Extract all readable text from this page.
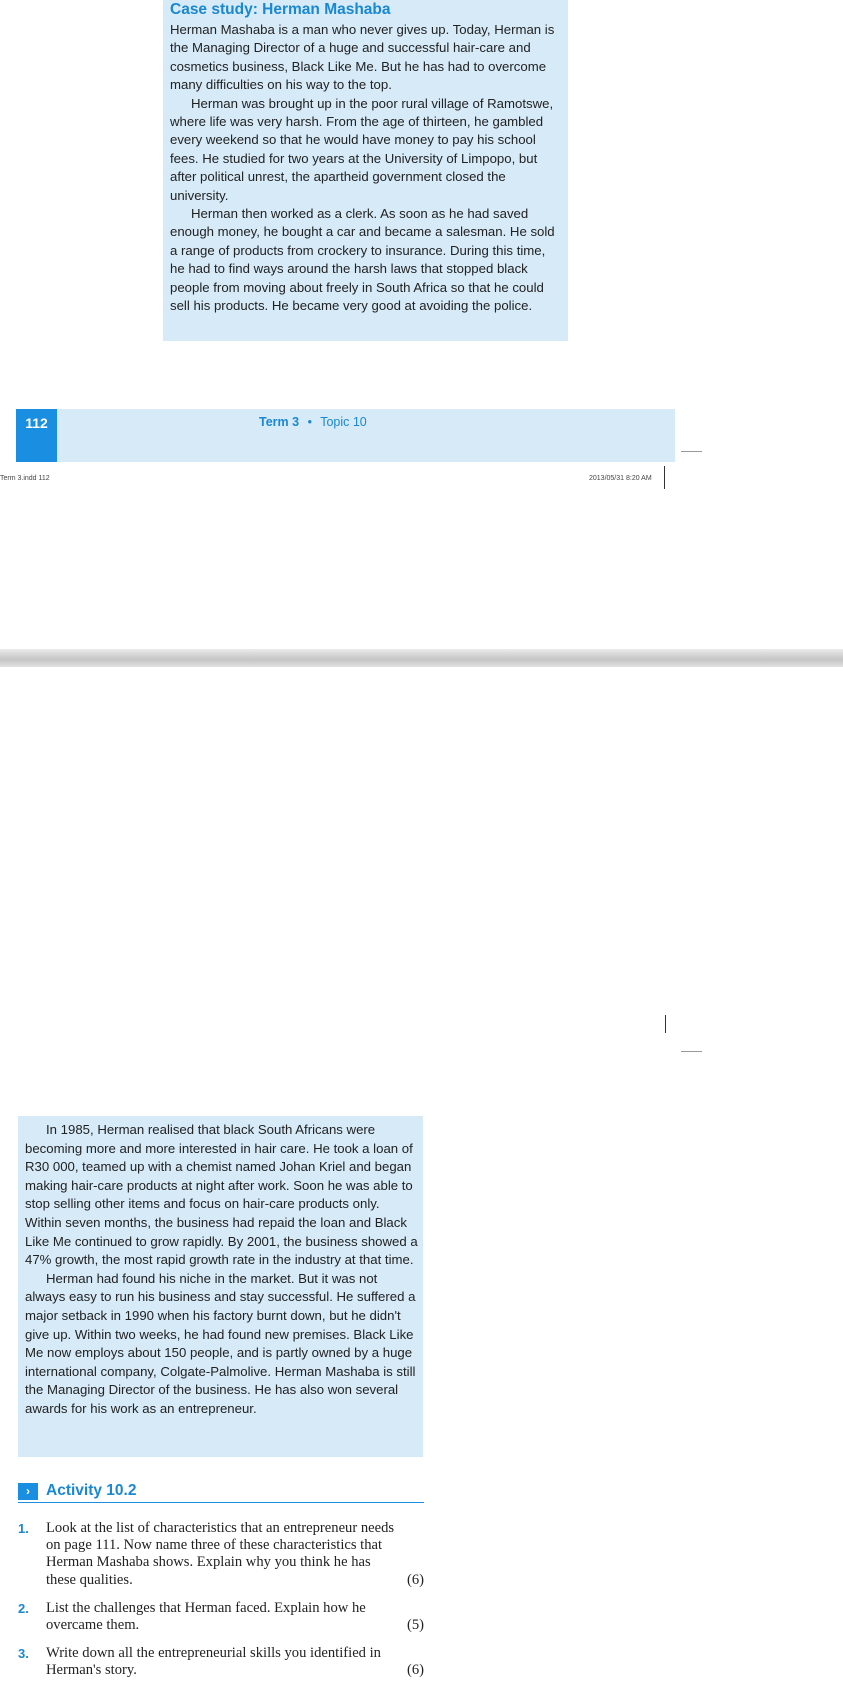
Case study: Herman Mashaba

Herman Mashaba is a man who never gives up. Today, Herman is the Managing Director of a huge and successful hair-care and cosmetics business, Black Like Me. But he has had to overcome many difficulties on his way to the top.

Herman was brought up in the poor rural village of Ramotswe, where life was very harsh. From the age of thirteen, he gambled every weekend so that he would have money to pay his school fees. He studied for two years at the University of Limpopo, but after political unrest, the apartheid government closed the university.

Herman then worked as a clerk. As soon as he had saved enough money, he bought a car and became a salesman. He sold a range of products from crockery to insurance. During this time, he had to find ways around the harsh laws that stopped black people from moving about freely in South Africa so that he could sell his products. He became very good at avoiding the police.

112	Term 3 • Topic 10
Term 3.indd 112	2013/05/31 8:20 AM

In 1985, Herman realised that black South Africans were becoming more and more interested in hair care. He took a loan of R30 000, teamed up with a chemist named Johan Kriel and began making hair-care products at night after work. Soon he was able to stop selling other items and focus on hair-care products only. Within seven months, the business had repaid the loan and Black Like Me continued to grow rapidly. By 2001, the business showed a 47% growth, the most rapid growth rate in the industry at that time.

Herman had found his niche in the market. But it was not always easy to run his business and stay successful. He suffered a major setback in 1990 when his factory burnt down, but he didn't give up. Within two weeks, he had found new premises. Black Like Me now employs about 150 people, and is partly owned by a huge international company, Colgate-Palmolive. Herman Mashaba is still the Managing Director of the business. He has also won several awards for his work as an entrepreneur.

›	Activity 10.2
1. Look at the list of characteristics that an entrepreneur needs on page 111. Now name three of these characteristics that Herman Mashaba shows. Explain why you think he has these qualities.	(6)
2. List the challenges that Herman faced. Explain how he overcame them.	(5)
3. Write down all the entrepreneurial skills you identified in Herman's story.	(6)
